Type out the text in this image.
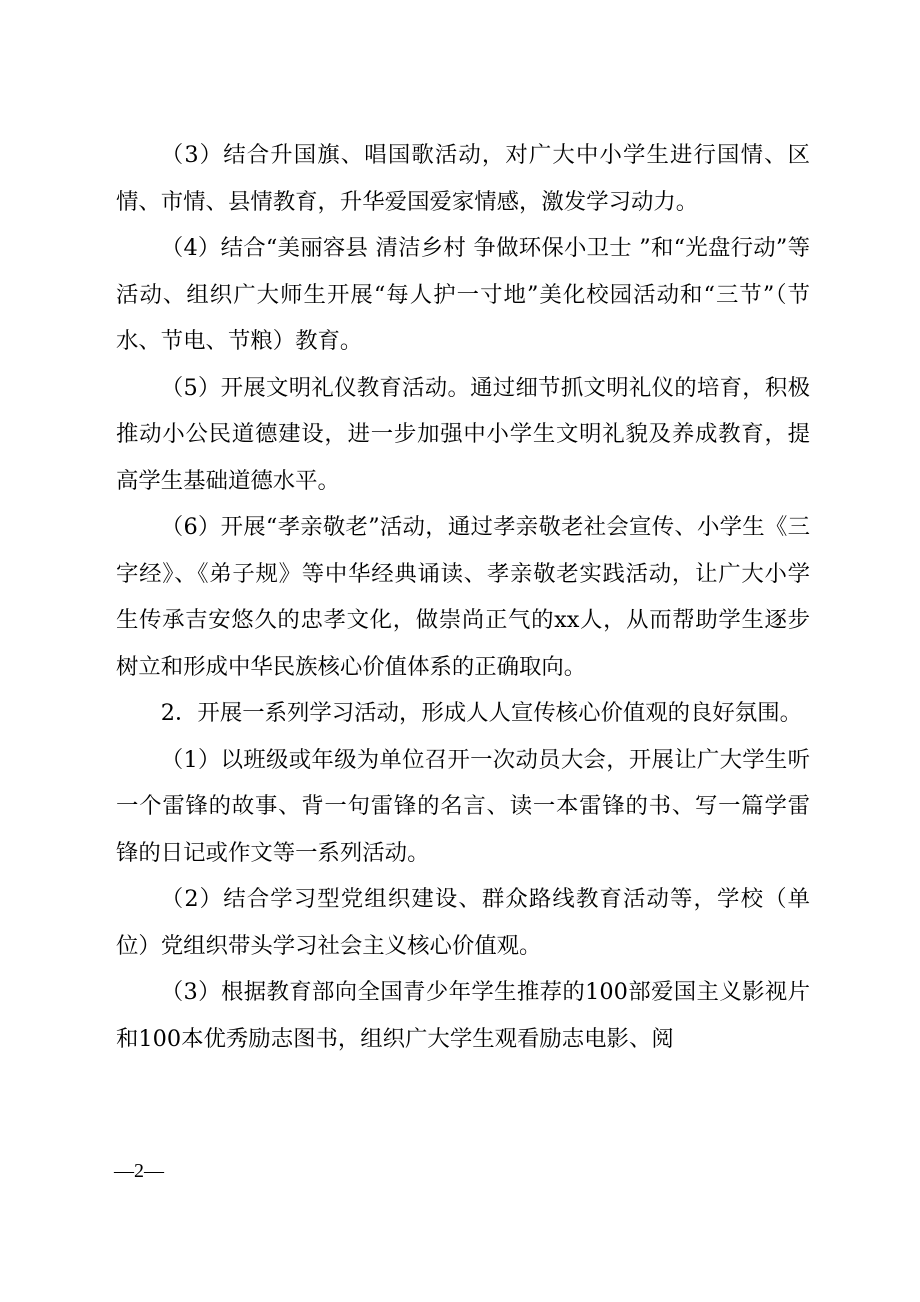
（3）结合升国旗、唱国歌活动，对广大中小学生进行国情、区情、市情、县情教育，升华爱国爱家情感，激发学习动力。

（4）结合“美丽容县 清洁乡村 争做环保小卫士 ”和“光盘行动”等活动、组织广大师生开展“每人护一寸地”美化校园活动和“三节”（节水、节电、节粮）教育。

（5）开展文明礼仪教育活动。通过细节抓文明礼仪的培育，积极推动小公民道德建设，进一步加强中小学生文明礼貌及养成教育，提高学生基础道德水平。

（6）开展“孝亲敬老”活动，通过孝亲敬老社会宣传、小学生《三字经》、《弟子规》等中华经典诵读、孝亲敬老实践活动，让广大小学生传承吉安悠久的忠孝文化，做崇尚正气的xx人，从而帮助学生逐步树立和形成中华民族核心价值体系的正确取向。

2．开展一系列学习活动，形成人人宣传核心价值观的良好氛围。

（1）以班级或年级为单位召开一次动员大会，开展让广大学生听一个雷锋的故事、背一句雷锋的名言、读一本雷锋的书、写一篇学雷锋的日记或作文等一系列活动。

（2）结合学习型党组织建设、群众路线教育活动等，学校（单位）党组织带头学习社会主义核心价值观。

（3）根据教育部向全国青少年学生推荐的100部爱国主义影视片和100本优秀励志图书，组织广大学生观看励志电影、阅

—2—
